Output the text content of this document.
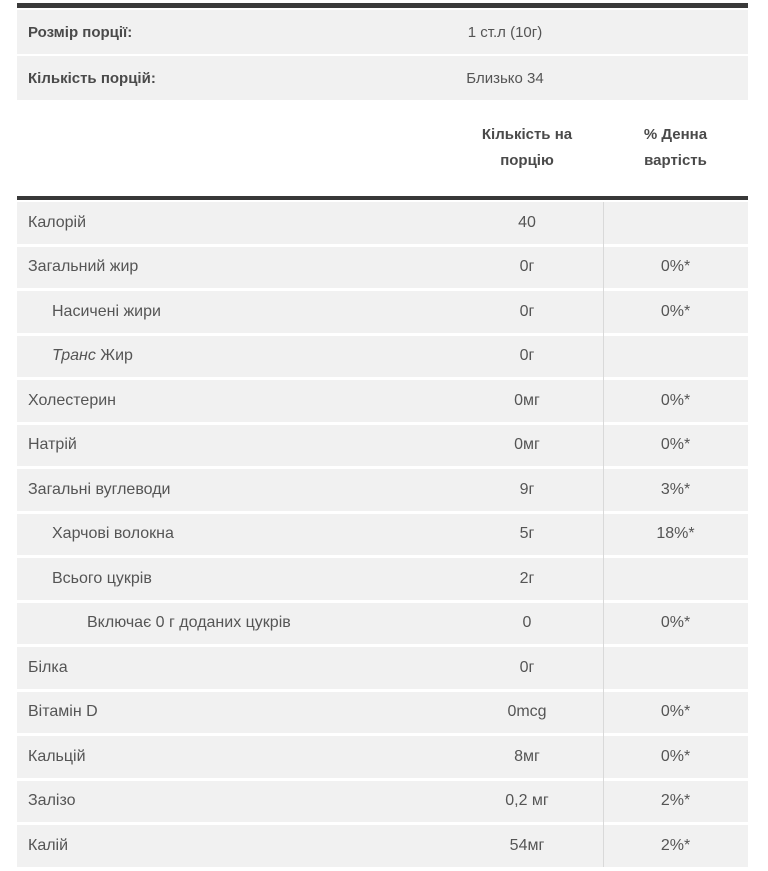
Розмір порції:	1 ст.л (10г)
Кількість порцій:	Близько 34
Кількість на
порцію
% Денна
вартість
Калорій	40
Загальний жир	0г	0%*
Насичені жири	0г	0%*
Транс Жир	0г
Холестерин	0мг	0%*
Натрій	0мг	0%*
Загальні вуглеводи	9г	3%*
Харчові волокна	5г	18%*
Всього цукрів	2г
Включає 0 г доданих цукрів	0	0%*
Білка	0г
Вітамін D	0mcg	0%*
Кальцій	8мг	0%*
Залізо	0,2 мг	2%*
Калій	54мг	2%*
